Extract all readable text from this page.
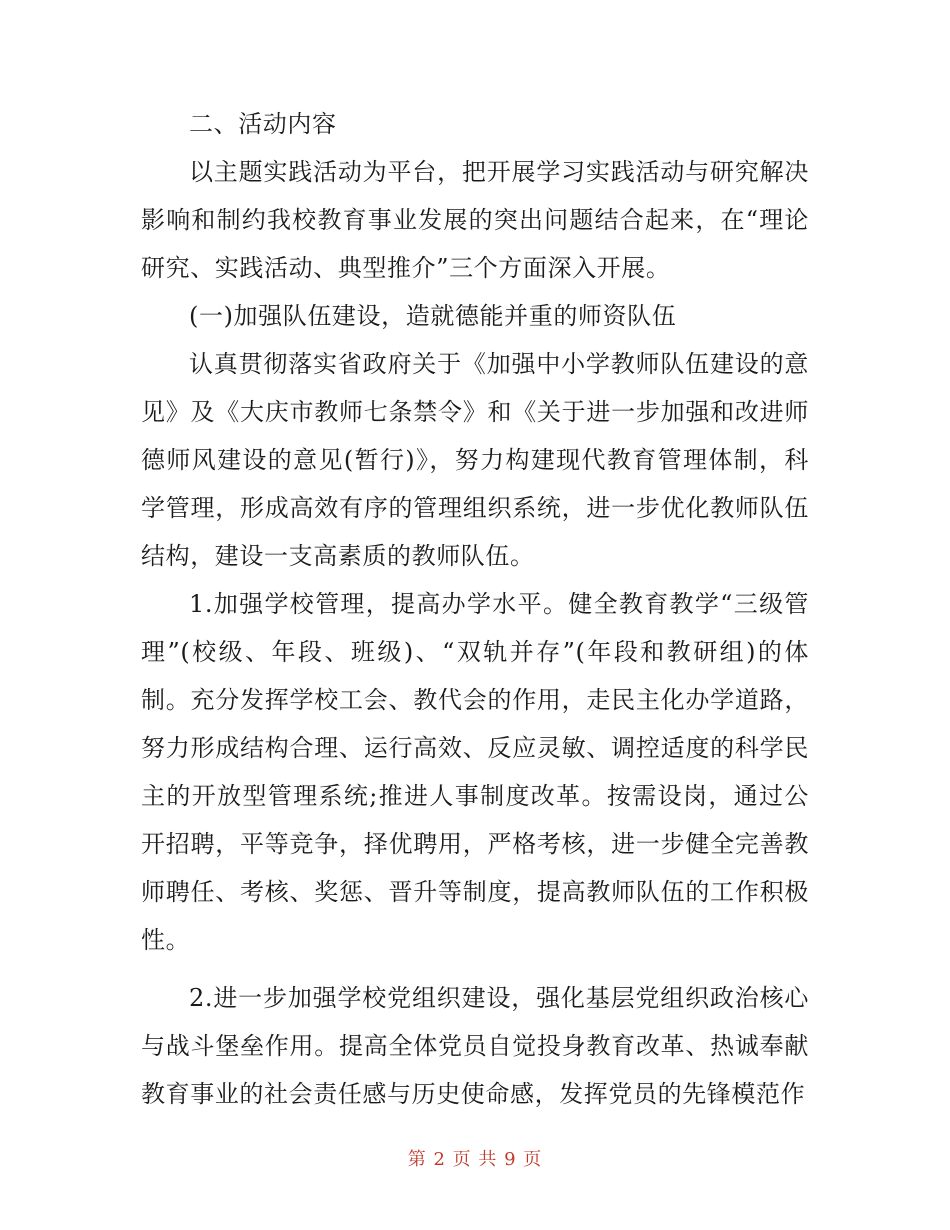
二、活动内容

以主题实践活动为平台，把开展学习实践活动与研究解决影响和制约我校教育事业发展的突出问题结合起来，在“理论研究、实践活动、典型推介”三个方面深入开展。

(一)加强队伍建设，造就德能并重的师资队伍

认真贯彻落实省政府关于《加强中小学教师队伍建设的意见》及《大庆市教师七条禁令》和《关于进一步加强和改进师德师风建设的意见(暂行)》，努力构建现代教育管理体制，科学管理，形成高效有序的管理组织系统，进一步优化教师队伍结构，建设一支高素质的教师队伍。

1.加强学校管理，提高办学水平。健全教育教学“三级管理”(校级、年段、班级)、“双轨并存”(年段和教研组)的体制。充分发挥学校工会、教代会的作用，走民主化办学道路，努力形成结构合理、运行高效、反应灵敏、调控适度的科学民主的开放型管理系统;推进人事制度改革。按需设岗，通过公开招聘，平等竞争，择优聘用，严格考核，进一步健全完善教师聘任、考核、奖惩、晋升等制度，提高教师队伍的工作积极性。

2.进一步加强学校党组织建设，强化基层党组织政治核心与战斗堡垒作用。提高全体党员自觉投身教育改革、热诚奉献教育事业的社会责任感与历史使命感，发挥党员的先锋模范作

第 2 页 共 9 页
